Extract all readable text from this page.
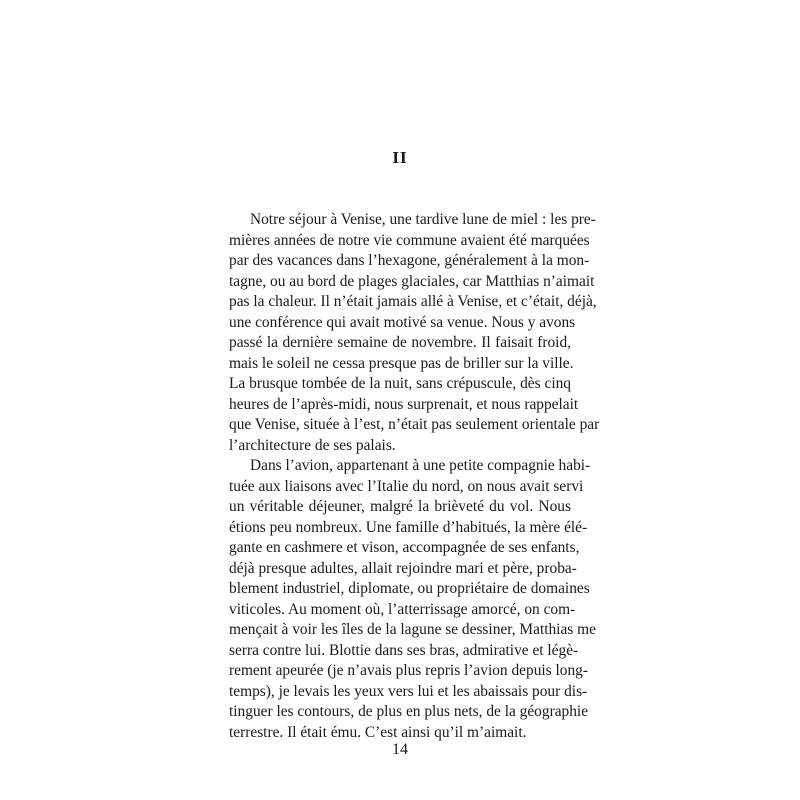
II
Notre séjour à Venise, une tardive lune de miel : les pre-
mières années de notre vie commune avaient été marquées
par des vacances dans l’hexagone, généralement à la mon-
tagne, ou au bord de plages glaciales, car Matthias n’aimait
pas la chaleur. Il n’était jamais allé à Venise, et c’était, déjà,
une conférence qui avait motivé sa venue. Nous y avons
passé la dernière semaine de novembre. Il faisait froid,
mais le soleil ne cessa presque pas de briller sur la ville.
La brusque tombée de la nuit, sans crépuscule, dès cinq
heures de l’après-midi, nous surprenait, et nous rappelait
que Venise, située à l’est, n’était pas seulement orientale par
l’architecture de ses palais.
Dans l’avion, appartenant à une petite compagnie habi-
tuée aux liaisons avec l’Italie du nord, on nous avait servi
un véritable déjeuner, malgré la brièveté du vol. Nous
étions peu nombreux. Une famille d’habitués, la mère élé-
gante en cashmere et vison, accompagnée de ses enfants,
déjà presque adultes, allait rejoindre mari et père, proba-
blement industriel, diplomate, ou propriétaire de domaines
viticoles. Au moment où, l’atterrissage amorcé, on com-
mençait à voir les îles de la lagune se dessiner, Matthias me
serra contre lui. Blottie dans ses bras, admirative et légè-
rement apeurée (je n’avais plus repris l’avion depuis long-
temps), je levais les yeux vers lui et les abaissais pour dis-
tinguer les contours, de plus en plus nets, de la géographie
terrestre. Il était ému. C’est ainsi qu’il m’aimait.

14
